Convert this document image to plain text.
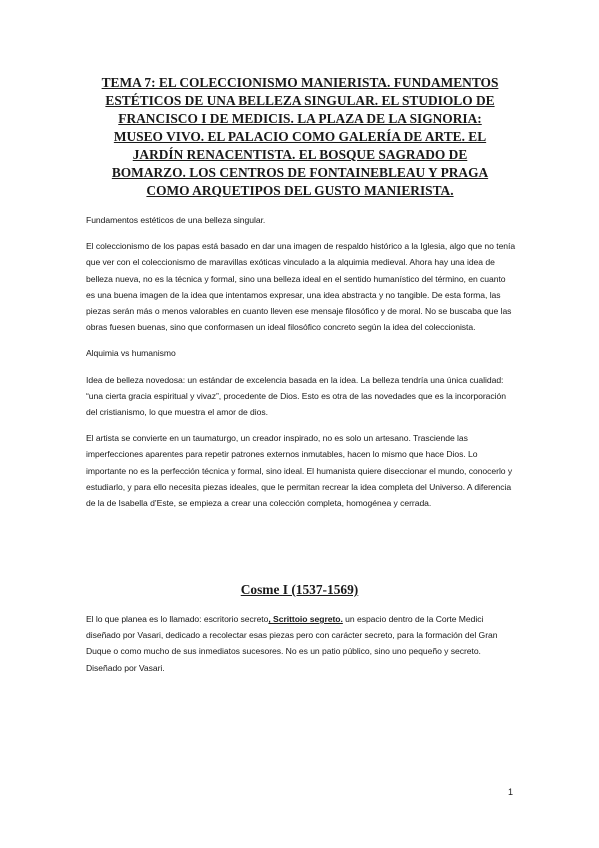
TEMA 7: EL COLECCIONISMO MANIERISTA. FUNDAMENTOS ESTÉTICOS DE UNA BELLEZA SINGULAR. EL STUDIOLO DE FRANCISCO I DE MEDICIS. LA PLAZA DE LA SIGNORIA: MUSEO VIVO. EL PALACIO COMO GALERÍA DE ARTE. EL JARDÍN RENACENTISTA. EL BOSQUE SAGRADO DE BOMARZO. LOS CENTROS DE FONTAINEBLEAU Y PRAGA COMO ARQUETIPOS DEL GUSTO MANIERISTA.

Fundamentos estéticos de una belleza singular.

El coleccionismo de los papas está basado en dar una imagen de respaldo histórico a la Iglesia, algo que no tenía que ver con el coleccionismo de maravillas exóticas vinculado a la alquimia medieval. Ahora hay una idea de belleza nueva, no es la técnica y formal, sino una belleza ideal en el sentido humanístico del término, en cuanto es una buena imagen de la idea que intentamos expresar, una idea abstracta y no tangible. De esta forma, las piezas serán más o menos valorables en cuanto lleven ese mensaje filosófico y de moral. No se buscaba que las obras fuesen buenas, sino que conformasen un ideal filosófico concreto según la idea del coleccionista.

Alquimia vs humanismo

Idea de belleza novedosa: un estándar de excelencia basada en la idea. La belleza tendría una única cualidad: “una cierta gracia espiritual y vivaz”, procedente de Dios. Esto es otra de las novedades que es la incorporación del cristianismo, lo que muestra el amor de dios.

El artista se convierte en un taumaturgo, un creador inspirado, no es solo un artesano. Trasciende las imperfecciones aparentes para repetir patrones externos inmutables, hacen lo mismo que hace Dios. Lo importante no es la perfección técnica y formal, sino ideal. El humanista quiere diseccionar el mundo, conocerlo y estudiarlo, y para ello necesita piezas ideales, que le permitan recrear la idea completa del Universo. A diferencia de la de Isabella d’Este, se empieza a crear una colección completa, homogénea y cerrada.

Cosme I (1537-1569)

El lo que planea es lo llamado: escritorio secreto, Scrittoio segreto. un espacio dentro de la Corte Medici diseñado por Vasari, dedicado a recolectar esas piezas pero con carácter secreto, para la formación del Gran Duque o como mucho de sus inmediatos sucesores. No es un patio público, sino uno pequeño y secreto. Diseñado por Vasari.

1
